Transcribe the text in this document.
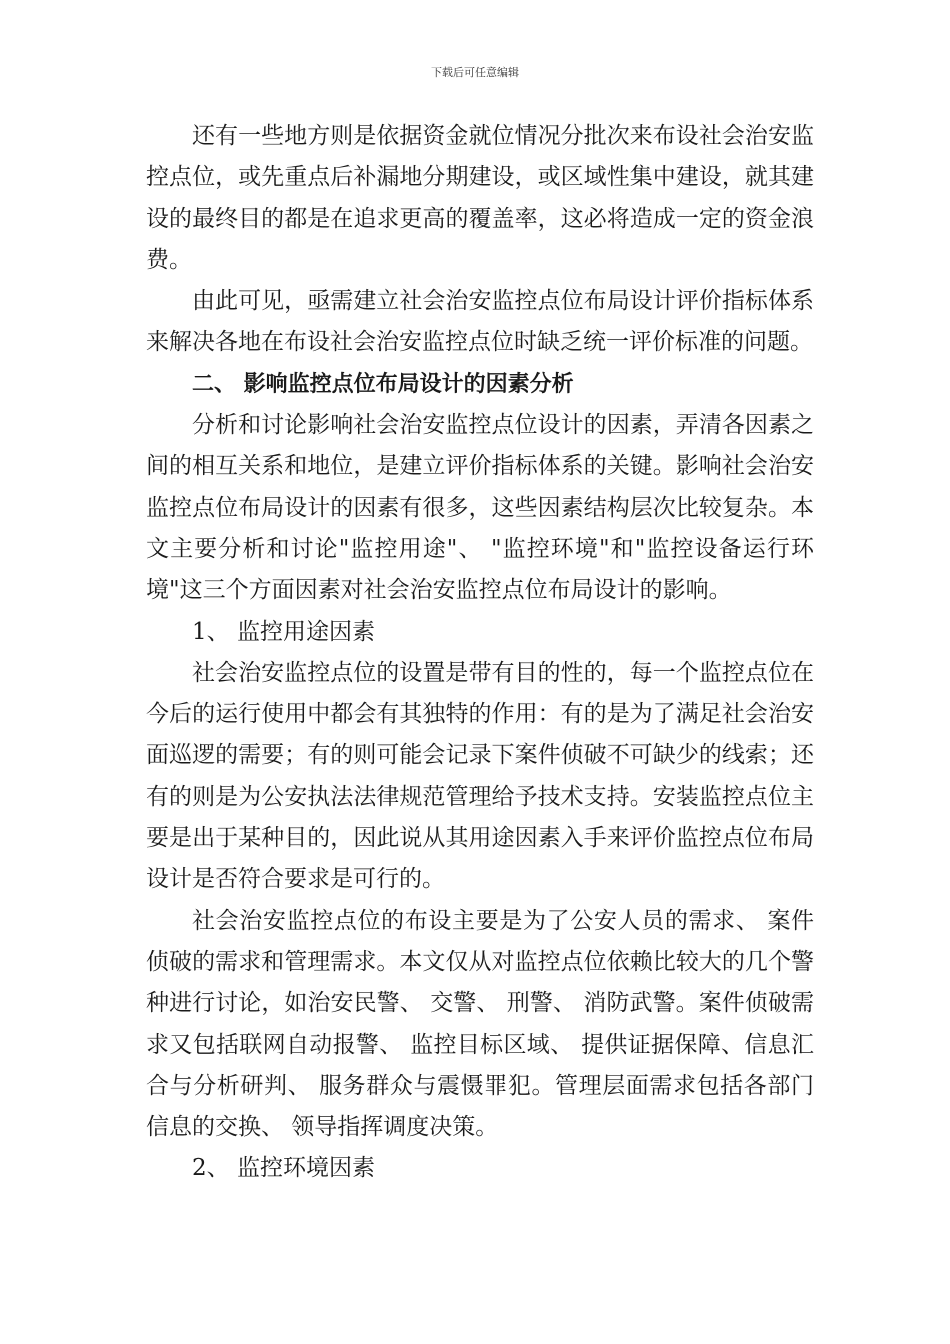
下载后可任意编辑

还有一些地方则是依据资金就位情况分批次来布设社会治安监控点位，或先重点后补漏地分期建设，或区域性集中建设，就其建设的最终目的都是在追求更高的覆盖率，这必将造成一定的资金浪费。

由此可见，亟需建立社会治安监控点位布局设计评价指标体系来解决各地在布设社会治安监控点位时缺乏统一评价标准的问题。

二、 影响监控点位布局设计的因素分析

分析和讨论影响社会治安监控点位设计的因素，弄清各因素之间的相互关系和地位，是建立评价指标体系的关键。影响社会治安监控点位布局设计的因素有很多，这些因素结构层次比较复杂。本文主要分析和讨论"监控用途"、 "监控环境"和"监控设备运行环境"这三个方面因素对社会治安监控点位布局设计的影响。

1、 监控用途因素

社会治安监控点位的设置是带有目的性的，每一个监控点位在今后的运行使用中都会有其独特的作用：有的是为了满足社会治安面巡逻的需要；有的则可能会记录下案件侦破不可缺少的线索；还有的则是为公安执法法律规范管理给予技术支持。安装监控点位主要是出于某种目的，因此说从其用途因素入手来评价监控点位布局设计是否符合要求是可行的。

社会治安监控点位的布设主要是为了公安人员的需求、 案件侦破的需求和管理需求。本文仅从对监控点位依赖比较大的几个警种进行讨论，如治安民警、 交警、 刑警、 消防武警。案件侦破需求又包括联网自动报警、 监控目标区域、 提供证据保障、信息汇合与分析研判、 服务群众与震慑罪犯。管理层面需求包括各部门信息的交换、 领导指挥调度决策。

2、 监控环境因素
